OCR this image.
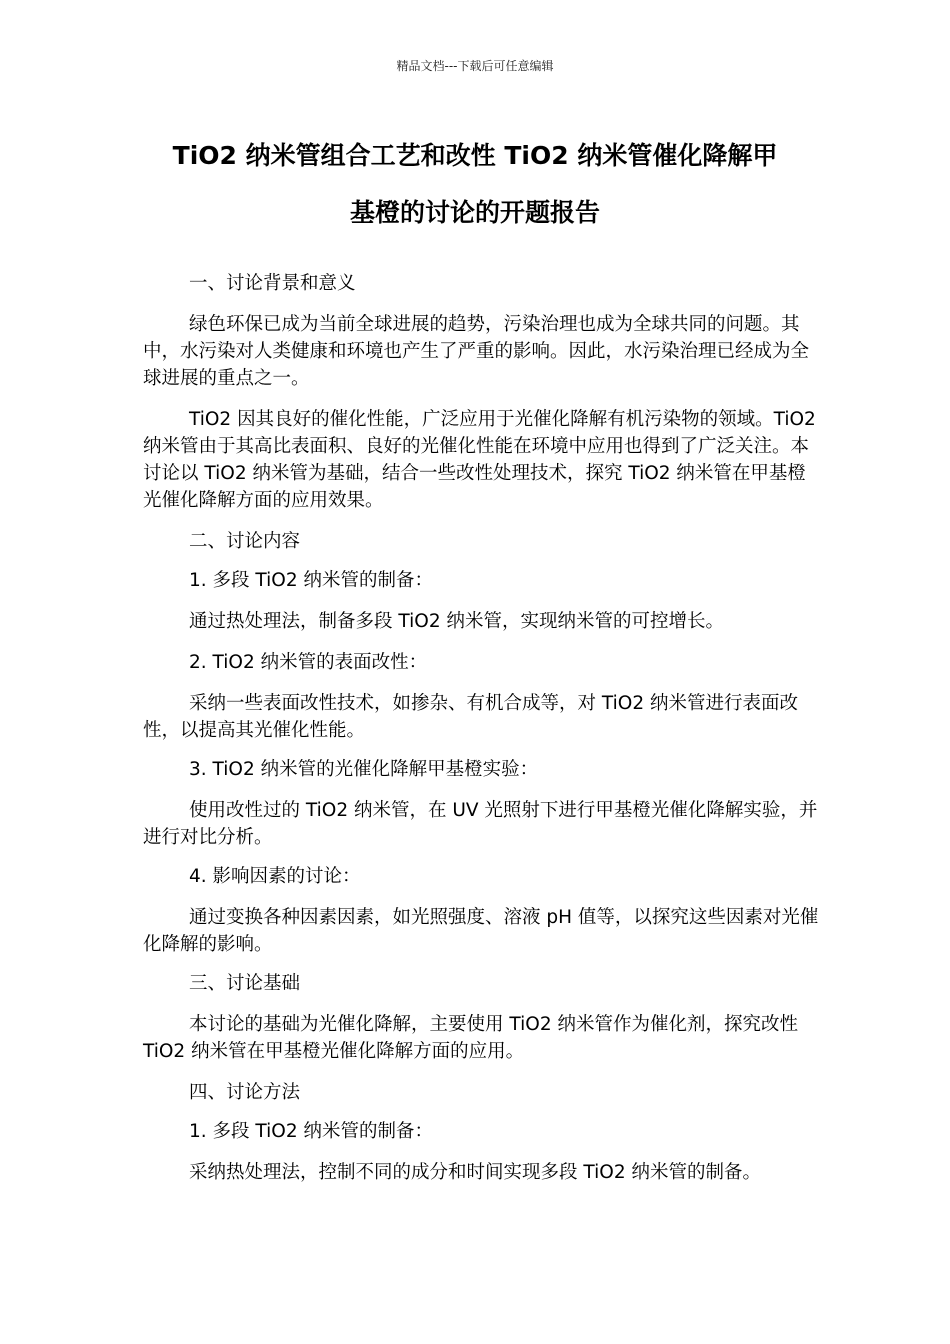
精品文档---下载后可任意编辑
TiO2 纳米管组合工艺和改性 TiO2 纳米管催化降解甲
基橙的讨论的开题报告

一、讨论背景和意义

绿色环保已成为当前全球进展的趋势，污染治理也成为全球共同的问题。其中，水污染对人类健康和环境也产生了严重的影响。因此，水污染治理已经成为全球进展的重点之一。

TiO2 因其良好的催化性能，广泛应用于光催化降解有机污染物的领域。TiO2 纳米管由于其高比表面积、良好的光催化性能在环境中应用也得到了广泛关注。本讨论以 TiO2 纳米管为基础，结合一些改性处理技术，探究 TiO2 纳米管在甲基橙光催化降解方面的应用效果。

二、讨论内容

1. 多段 TiO2 纳米管的制备：

通过热处理法，制备多段 TiO2 纳米管，实现纳米管的可控增长。

2. TiO2 纳米管的表面改性：

采纳一些表面改性技术，如掺杂、有机合成等，对 TiO2 纳米管进行表面改性，以提高其光催化性能。

3. TiO2 纳米管的光催化降解甲基橙实验：

使用改性过的 TiO2 纳米管，在 UV 光照射下进行甲基橙光催化降解实验，并进行对比分析。

4. 影响因素的讨论：

通过变换各种因素因素，如光照强度、溶液 pH 值等，以探究这些因素对光催化降解的影响。

三、讨论基础

本讨论的基础为光催化降解，主要使用 TiO2 纳米管作为催化剂，探究改性 TiO2 纳米管在甲基橙光催化降解方面的应用。

四、讨论方法

1. 多段 TiO2 纳米管的制备：

采纳热处理法，控制不同的成分和时间实现多段 TiO2 纳米管的制备。
